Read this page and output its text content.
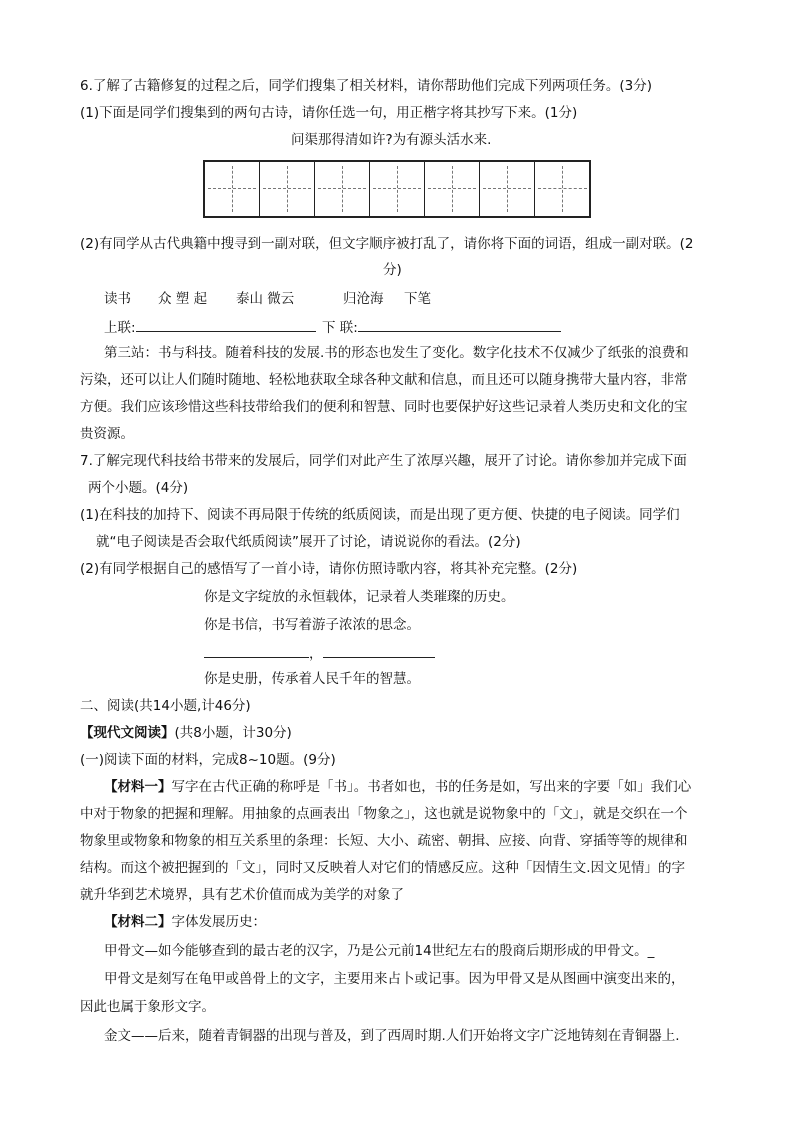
6.了解了古籍修复的过程之后，同学们搜集了相关材料，请你帮助他们完成下列两项任务。(3分)
(1)下面是同学们搜集到的两句古诗，请你任选一句，用正楷字将其抄写下来。(1分)
问渠那得清如许?为有源头活水来.
(2)有同学从古代典籍中搜寻到一副对联，但文字顺序被打乱了，请你将下面的词语，组成一副对联。(2
分)
读书 众 塑 起 泰山 微云	归沧海 下笔
上联:	下 联:
第三站：书与科技。随着科技的发展.书的形态也发生了变化。数字化技术不仅减少了纸张的浪费和
污染，还可以让人们随时随地、轻松地获取全球各种文献和信息，而且还可以随身携带大量内容，非常
方便。我们应该珍惜这些科技带给我们的便利和智慧、同时也要保护好这些记录着人类历史和文化的宝
贵资源。
7.了解完现代科技给书带来的发展后，同学们对此产生了浓厚兴趣，展开了讨论。请你参加并完成下面
两个小题。(4分)
(1)在科技的加持下、阅读不再局限于传统的纸质阅读，而是出现了更方便、快捷的电子阅读。同学们
就“电子阅读是否会取代纸质阅读”展开了讨论，请说说你的看法。(2分)
(2)有同学根据自己的感悟写了一首小诗，请你仿照诗歌内容，将其补充完整。(2分)
你是文字绽放的永恒载体，记录着人类璀璨的历史。
你是书信，书写着游子浓浓的思念。
，
你是史册，传承着人民千年的智慧。
二、阅读(共14小题,计46分)
【现代文阅读】(共8小题，计30分)
(一)阅读下面的材料，完成8~10题。(9分)
【材料一】写字在古代正确的称呼是「书」。书者如也，书的任务是如，写出来的字要「如」我们心
中对于物象的把握和理解。用抽象的点画表出「物象之」，这也就是说物象中的「文」，就是交织在一个
物象里或物象和物象的相互关系里的条理：长短、大小、疏密、朝揖、应接、向背、穿插等等的规律和
结构。而这个被把握到的「文」，同时又反映着人对它们的情感反应。这种「因情生文.因文见情」的字
就升华到艺术境界，具有艺术价值而成为美学的对象了
【材料二】字体发展历史：
甲骨文—如今能够查到的最古老的汉字，乃是公元前14世纪左右的殷商后期形成的甲骨文。_
甲骨文是刻写在龟甲或兽骨上的文字，主要用来占卜或记事。因为甲骨又是从图画中演变出来的，
因此也属于象形文字。
金文——后来，随着青铜器的出现与普及，到了西周时期.人们开始将文字广泛地铸刻在青铜器上.
